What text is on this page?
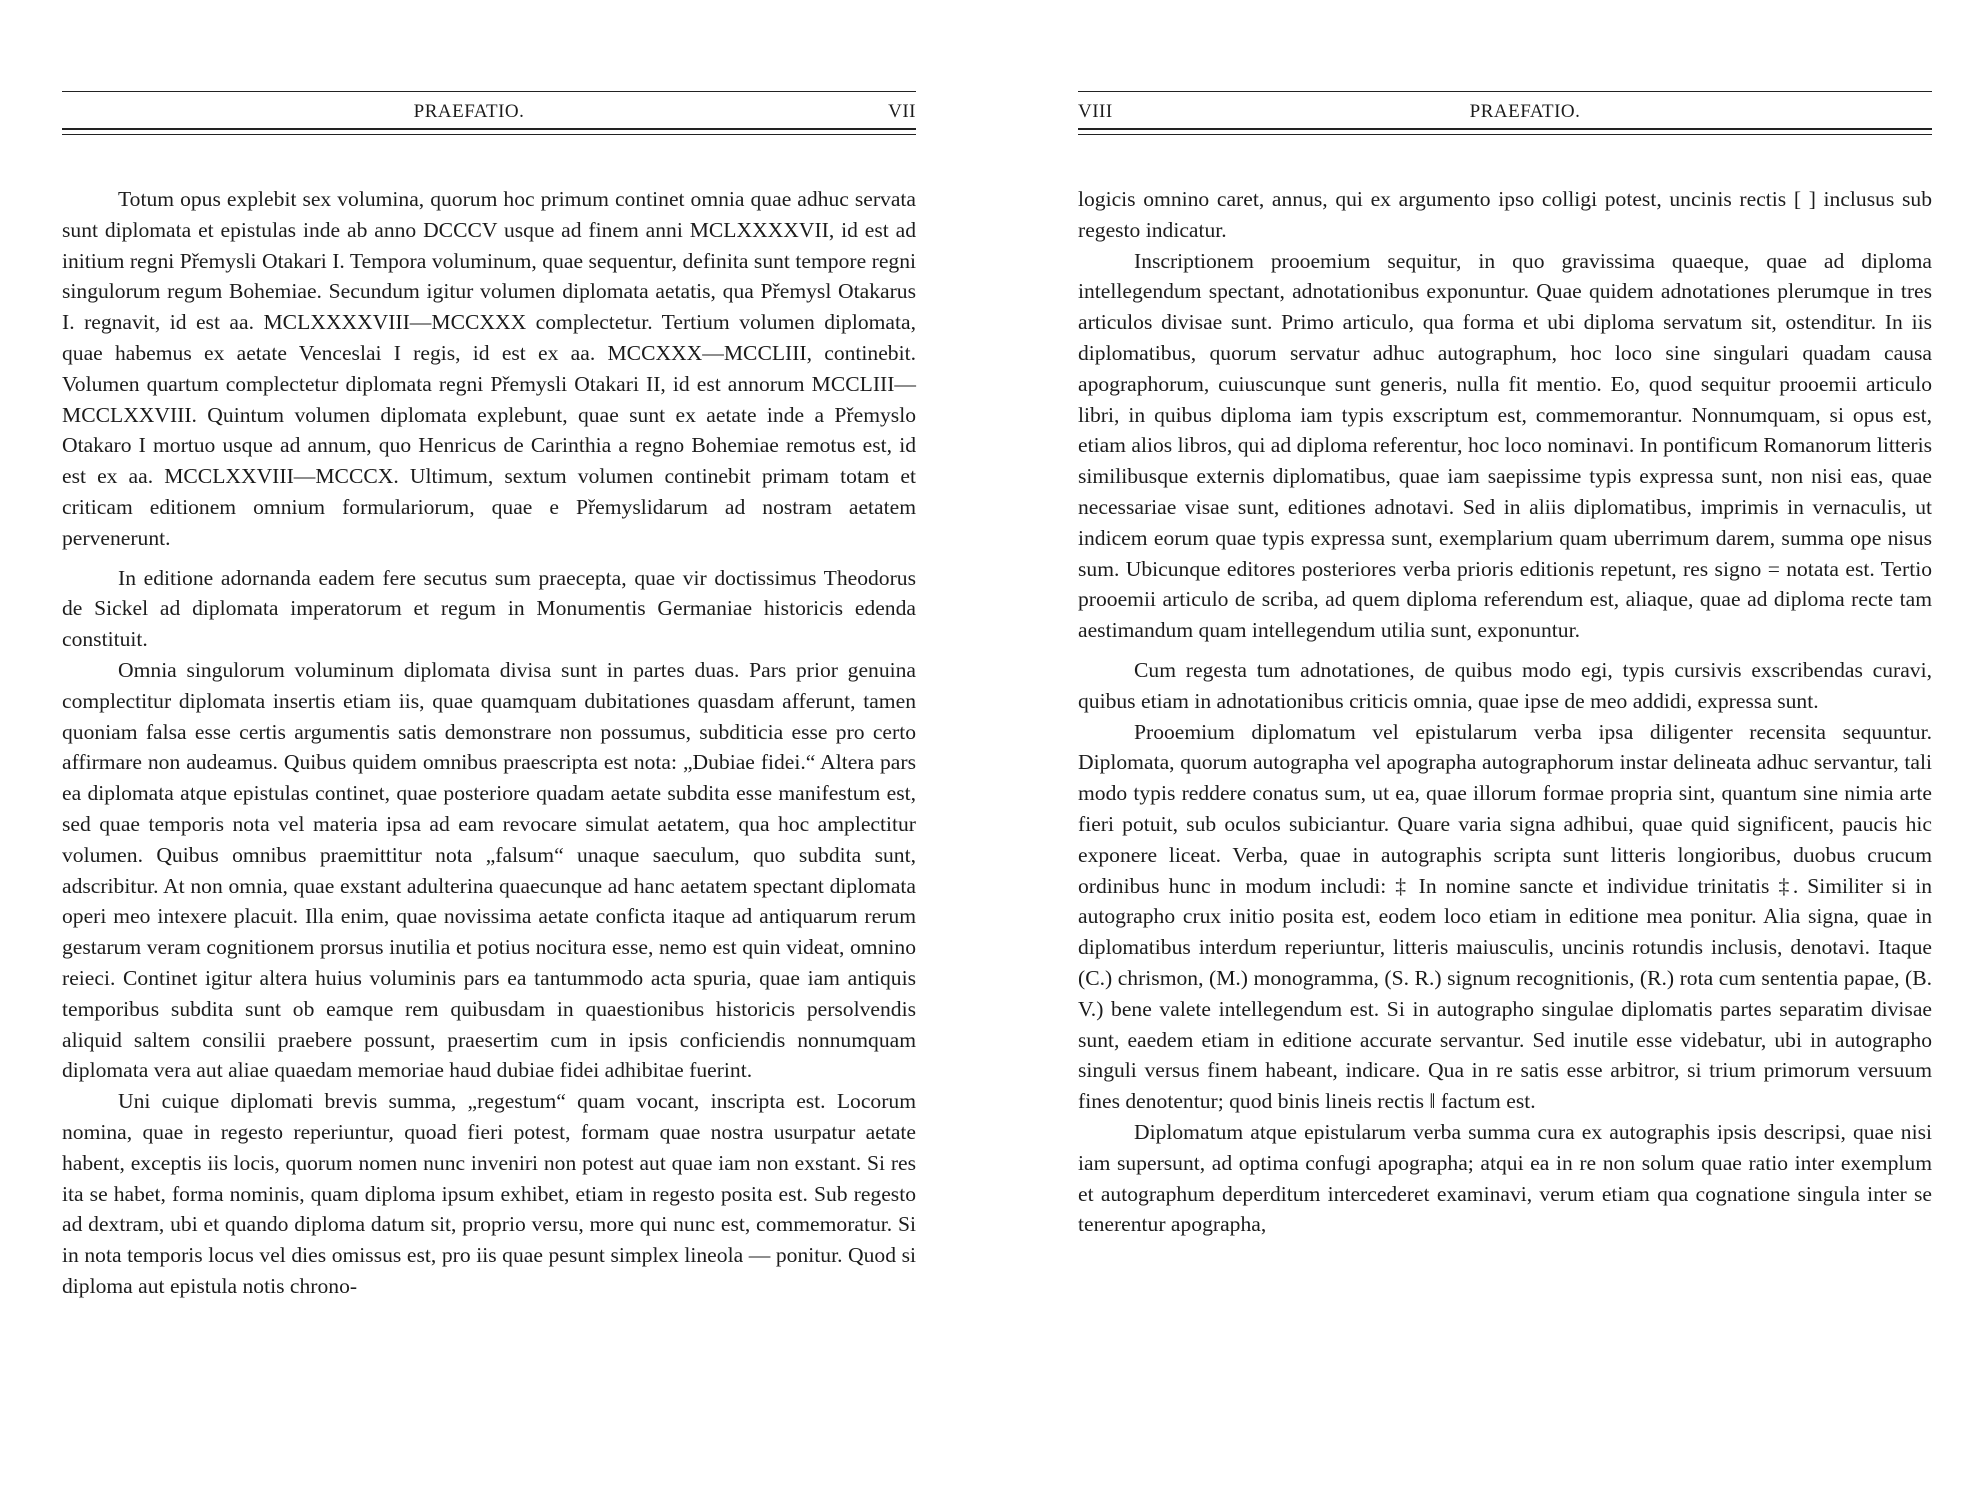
PRAEFATIO.	VII

Totum opus explebit sex volumina, quorum hoc primum continet omnia quae adhuc servata sunt diplomata et epistulas inde ab anno DCCCV usque ad finem anni MCLXXXXVII, id est ad initium regni Přemysli Otakari I. Tempora voluminum, quae sequentur, definita sunt tempore regni singulorum regum Bohemiae. Secundum igitur volumen diplomata aetatis, qua Přemysl Otakarus I. regnavit, id est aa. MCLXXXXVIII—MCCXXX complectetur. Tertium volumen diplomata, quae habemus ex aetate Venceslai I regis, id est ex aa. MCCXXX—MCCLIII, continebit. Volumen quartum complectetur diplomata regni Přemysli Otakari II, id est annorum MCCLIII—MCCLXXVIII. Quintum volumen diplomata explebunt, quae sunt ex aetate inde a Přemyslo Otakaro I mortuo usque ad annum, quo Henricus de Carinthia a regno Bohemiae remotus est, id est ex aa. MCCLXXVIII—MCCCX. Ultimum, sextum volumen continebit primam totam et criticam editionem omnium formulariorum, quae e Přemyslidarum ad nostram aetatem pervenerunt.

In editione adornanda eadem fere secutus sum praecepta, quae vir doctissimus Theodorus de Sickel ad diplomata imperatorum et regum in Monumentis Germaniae historicis edenda constituit.

Omnia singulorum voluminum diplomata divisa sunt in partes duas. Pars prior genuina complectitur diplomata insertis etiam iis, quae quamquam dubitationes quasdam afferunt, tamen quoniam falsa esse certis argumentis satis demonstrare non possumus, subditicia esse pro certo affirmare non audeamus. Quibus quidem omnibus praescripta est nota: „Dubiae fidei.“ Altera pars ea diplomata atque epistulas continet, quae posteriore quadam aetate subdita esse manifestum est, sed quae temporis nota vel materia ipsa ad eam revocare simulat aetatem, qua hoc amplectitur volumen. Quibus omnibus praemittitur nota „falsum“ unaque saeculum, quo subdita sunt, adscribitur. At non omnia, quae exstant adulterina quaecunque ad hanc aetatem spectant diplomata operi meo intexere placuit. Illa enim, quae novissima aetate conficta itaque ad antiquarum rerum gestarum veram cognitionem prorsus inutilia et potius nocitura esse, nemo est quin videat, omnino reieci. Continet igitur altera huius voluminis pars ea tantummodo acta spuria, quae iam antiquis temporibus subdita sunt ob eamque rem quibusdam in quaestionibus historicis persolvendis aliquid saltem consilii praebere possunt, praesertim cum in ipsis conficiendis nonnumquam diplomata vera aut aliae quaedam memoriae haud dubiae fidei adhibitae fuerint.

Uni cuique diplomati brevis summa, „regestum“ quam vocant, inscripta est. Locorum nomina, quae in regesto reperiuntur, quoad fieri potest, formam quae nostra usurpatur aetate habent, exceptis iis locis, quorum nomen nunc inveniri non potest aut quae iam non exstant. Si res ita se habet, forma nominis, quam diploma ipsum exhibet, etiam in regesto posita est. Sub regesto ad dextram, ubi et quando diploma datum sit, proprio versu, more qui nunc est, commemoratur. Si in nota temporis locus vel dies omissus est, pro iis quae pesunt simplex lineola — ponitur. Quod si diploma aut epistula notis chrono-

VIII	PRAEFATIO.

logicis omnino caret, annus, qui ex argumento ipso colligi potest, uncinis rectis [ ] inclusus sub regesto indicatur.

Inscriptionem prooemium sequitur, in quo gravissima quaeque, quae ad diploma intellegendum spectant, adnotationibus exponuntur. Quae quidem adnotationes plerumque in tres articulos divisae sunt. Primo articulo, qua forma et ubi diploma servatum sit, ostenditur. In iis diplomatibus, quorum servatur adhuc autographum, hoc loco sine singulari quadam causa apographorum, cuiuscunque sunt generis, nulla fit mentio. Eo, quod sequitur prooemii articulo libri, in quibus diploma iam typis exscriptum est, commemorantur. Nonnumquam, si opus est, etiam alios libros, qui ad diploma referentur, hoc loco nominavi. In pontificum Romanorum litteris similibusque externis diplomatibus, quae iam saepissime typis expressa sunt, non nisi eas, quae necessariae visae sunt, editiones adnotavi. Sed in aliis diplomatibus, imprimis in vernaculis, ut indicem eorum quae typis expressa sunt, exemplarium quam uberrimum darem, summa ope nisus sum. Ubicunque editores posteriores verba prioris editionis repetunt, res signo = notata est. Tertio prooemii articulo de scriba, ad quem diploma referendum est, aliaque, quae ad diploma recte tam aestimandum quam intellegendum utilia sunt, exponuntur.

Cum regesta tum adnotationes, de quibus modo egi, typis cursivis exscribendas curavi, quibus etiam in adnotationibus criticis omnia, quae ipse de meo addidi, expressa sunt.

Prooemium diplomatum vel epistularum verba ipsa diligenter recensita sequuntur. Diplomata, quorum autographa vel apographa autographorum instar delineata adhuc servantur, tali modo typis reddere conatus sum, ut ea, quae illorum formae propria sint, quantum sine nimia arte fieri potuit, sub oculos subiciantur. Quare varia signa adhibui, quae quid significent, paucis hic exponere liceat. Verba, quae in autographis scripta sunt litteris longioribus, duobus crucum ordinibus hunc in modum includi: ‡ In nomine sancte et individue trinitatis ‡. Similiter si in autographo crux initio posita est, eodem loco etiam in editione mea ponitur. Alia signa, quae in diplomatibus interdum reperiuntur, litteris maiusculis, uncinis rotundis inclusis, denotavi. Itaque (C.) chrismon, (M.) monogramma, (S. R.) signum recognitionis, (R.) rota cum sententia papae, (B. V.) bene valete intellegendum est. Si in autographo singulae diplomatis partes separatim divisae sunt, eaedem etiam in editione accurate servantur. Sed inutile esse videbatur, ubi in autographo singuli versus finem habeant, indicare. Qua in re satis esse arbitror, si trium primorum versuum fines denotentur; quod binis lineis rectis ‖ factum est.

Diplomatum atque epistularum verba summa cura ex autographis ipsis descripsi, quae nisi iam supersunt, ad optima confugi apographa; atqui ea in re non solum quae ratio inter exemplum et autographum deperditum intercederet examinavi, verum etiam qua cognatione singula inter se tenerentur apographa,
